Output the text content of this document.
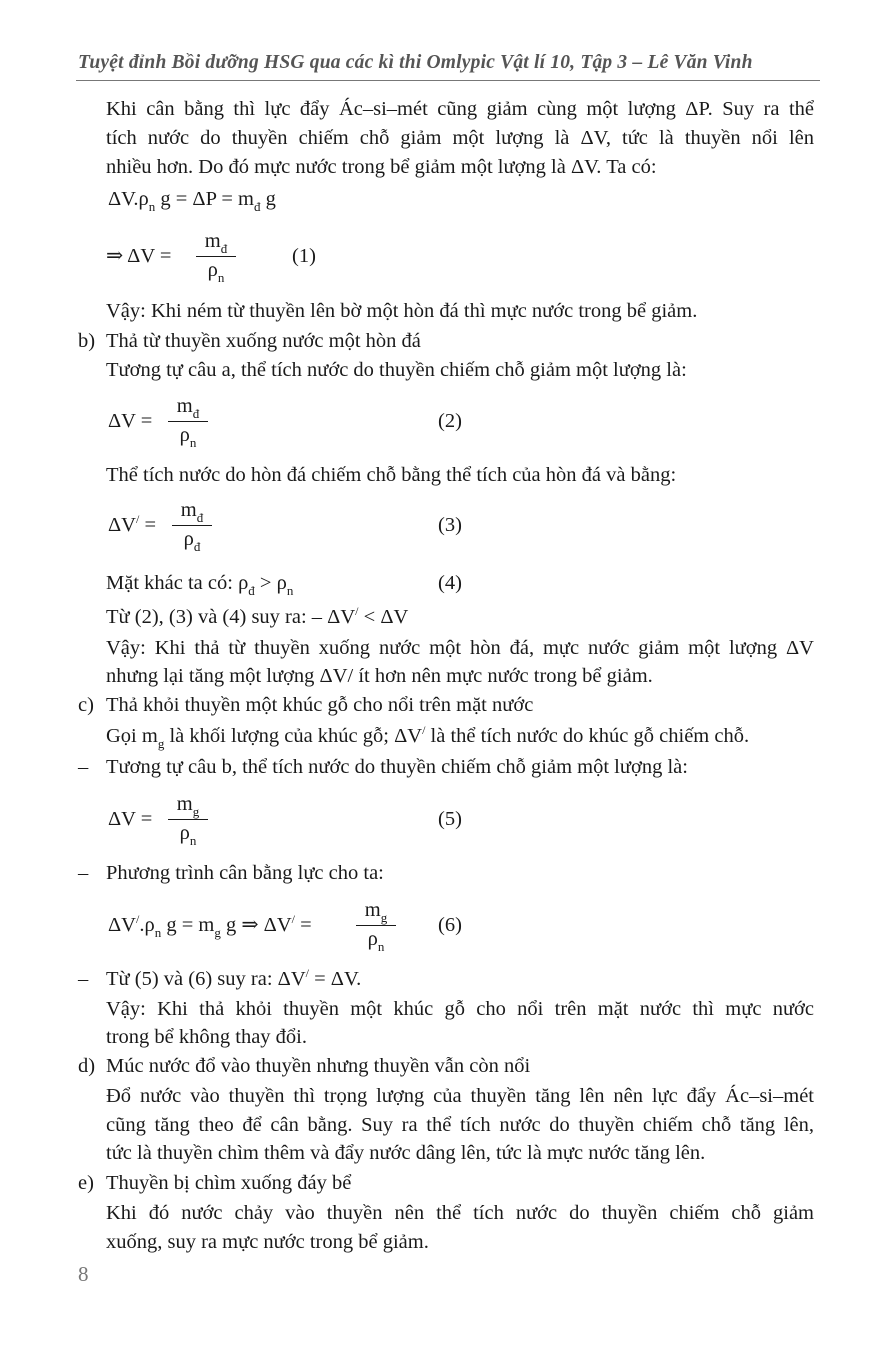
Tuyệt đỉnh Bồi dưỡng HSG qua các kì thi Omlypic Vật lí 10, Tập 3 – Lê Văn Vinh
Khi cân bằng thì lực đẩy Ác–si–mét cũng giảm cùng một lượng ΔP. Suy ra thể
tích nước do thuyền chiếm chỗ giảm một lượng là ΔV, tức là thuyền nổi lên
nhiều hơn. Do đó mực nước trong bể giảm một lượng là ΔV. Ta có:
$\Delta V.\rho_n$ $g = \Delta P = m_đ$ g
⇒ ΔV =
$m_đ$
$\rho_n$
(1)
Vậy: Khi ném từ thuyền lên bờ một hòn đá thì mực nước trong bể giảm.
b) Thả từ thuyền xuống nước một hòn đá
Tương tự câu a, thể tích nước do thuyền chiếm chỗ giảm một lượng là:
ΔV =
$m_đ$
$\rho_n$
(2)
Thể tích nước do hòn đá chiếm chỗ bằng thể tích của hòn đá và bằng:
ΔV/ =
$m_đ$
$\rho_đ$
(3)
Mặt khác ta có: $\rho_đ > \rho_n$	(4)
Từ (2), (3) và (4) suy ra: – ΔV/ < ΔV
Vậy: Khi thả từ thuyền xuống nước một hòn đá, mực nước giảm một lượng ΔV
nhưng lại tăng một lượng ΔV/ ít hơn nên mực nước trong bể giảm.
c) Thả khỏi thuyền một khúc gỗ cho nổi trên mặt nước
Gọi $m_g$ là khối lượng của khúc gỗ; ΔV/ là thể tích nước do khúc gỗ chiếm chỗ.
– Tương tự câu b, thể tích nước do thuyền chiếm chỗ giảm một lượng là:
ΔV =
$m_g$
$\rho_n$
(5)
– Phương trình cân bằng lực cho ta:
$\Delta V^/.\rho_n$ $g = m_g$ g ⇒ ΔV/ =
$m_g$
$\rho_n$
(6)
– Từ (5) và (6) suy ra: ΔV/ = ΔV.
Vậy: Khi thả khỏi thuyền một khúc gỗ cho nổi trên mặt nước thì mực nước
trong bể không thay đổi.
d) Múc nước đổ vào thuyền nhưng thuyền vẫn còn nổi
Đổ nước vào thuyền thì trọng lượng của thuyền tăng lên nên lực đẩy Ác–si–mét
cũng tăng theo để cân bằng. Suy ra thể tích nước do thuyền chiếm chỗ tăng lên,
tức là thuyền chìm thêm và đẩy nước dâng lên, tức là mực nước tăng lên.
e) Thuyền bị chìm xuống đáy bể
Khi đó nước chảy vào thuyền nên thể tích nước do thuyền chiếm chỗ giảm
xuống, suy ra mực nước trong bể giảm.
8
